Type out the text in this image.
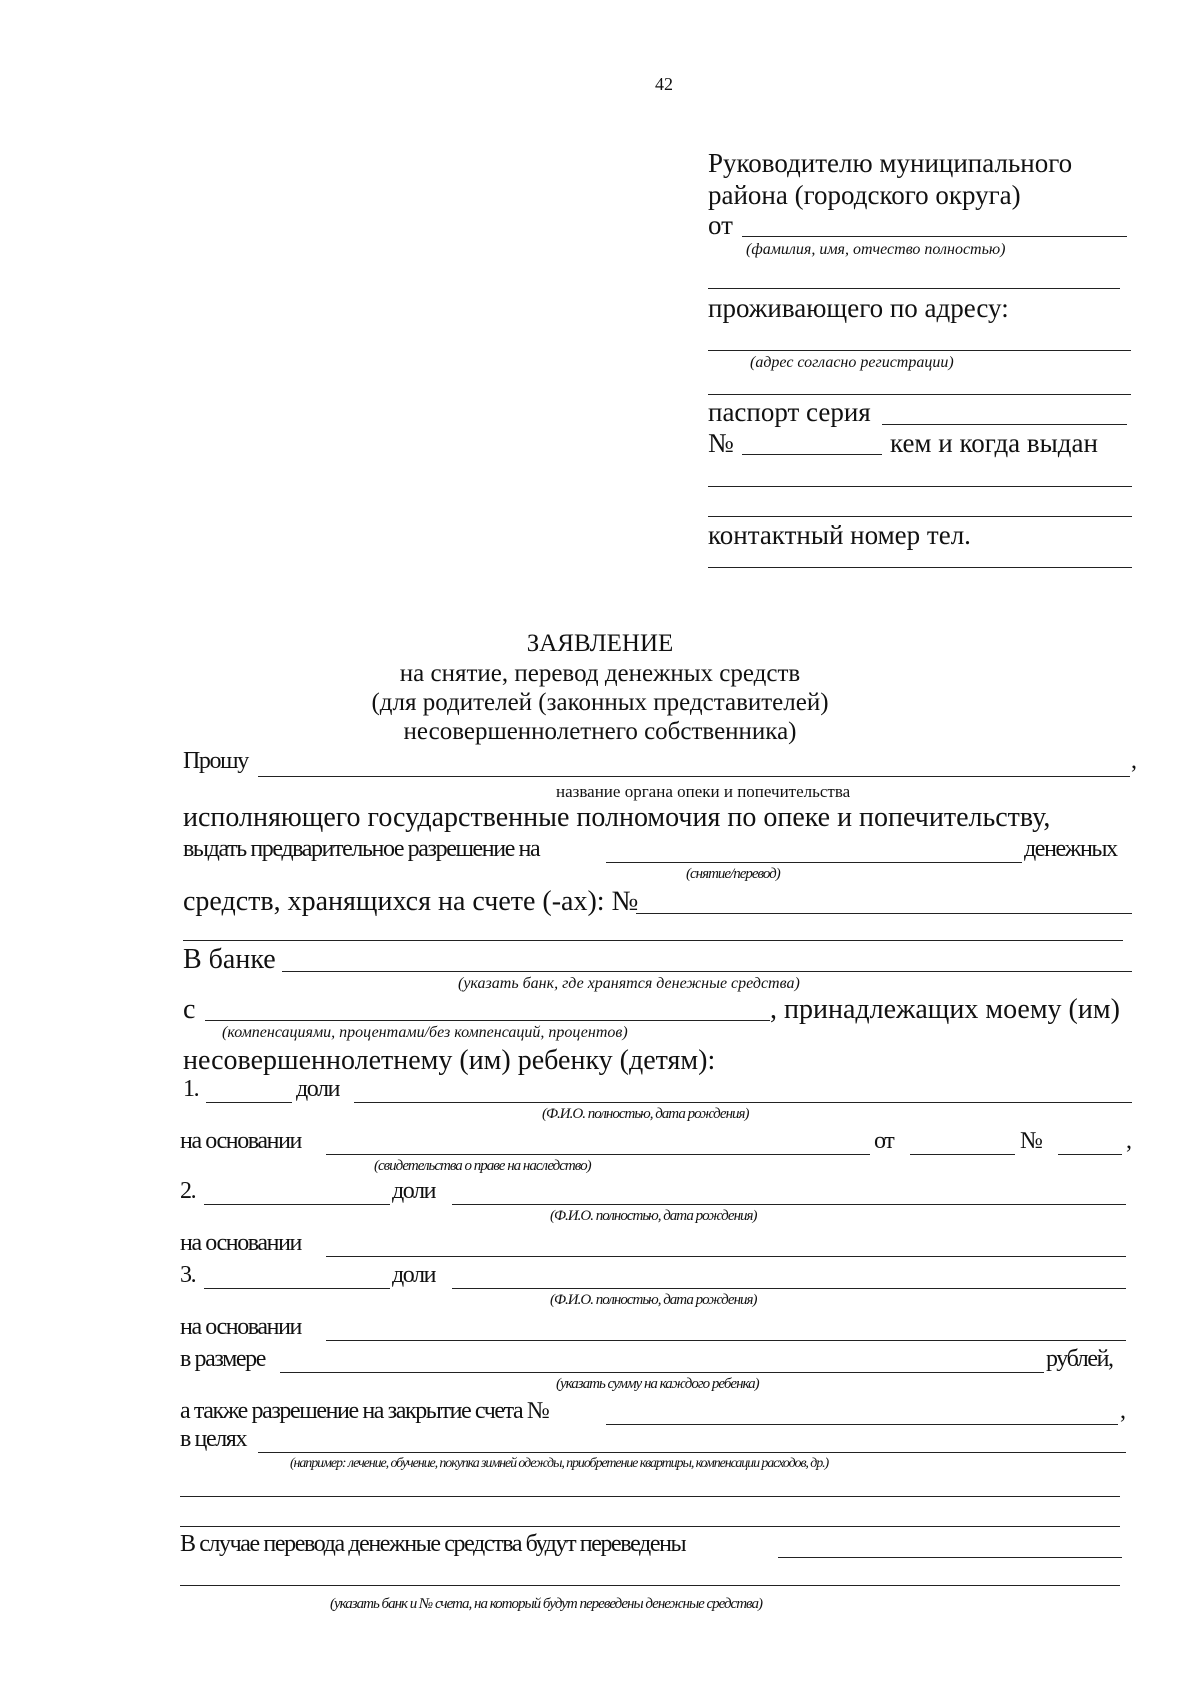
42
Руководителю муниципального
района (городского округа)
от
(фамилия, имя, отчество полностью)
проживающего по адресу:
(адрес согласно регистрации)
паспорт серия
№	кем и когда выдан
контактный номер тел.
ЗАЯВЛЕНИЕ
на снятие, перевод денежных средств
(для родителей (законных представителей)
несовершеннолетнего собственника)
Прошу	,
название органа опеки и попечительства
исполняющего государственные полномочия по опеке и попечительству,
выдать предварительное разрешение на	денежных
(снятие/перевод)
средств, хранящихся на счете (-ах): №
В банке
(указать банк, где хранятся денежные средства)
с	, принадлежащих моему (им)
(компенсациями, процентами/без компенсаций, процентов)
несовершеннолетнему (им) ребенку (детям):
1.	доли
(Ф.И.О. полностью, дата рождения)
на основании	от	№	,
(свидетельства о праве на наследство)
2.	доли
(Ф.И.О. полностью, дата рождения)
на основании
3.	доли
(Ф.И.О. полностью, дата рождения)
на основании
в размере	рублей,
(указать сумму на каждого ребенка)
а также разрешение на закрытие счета №	,
в целях
(например: лечение, обучение, покупка зимней одежды, приобретение квартиры, компенсации расходов, др.)
В случае перевода денежные средства будут переведены
(указать банк и № счета, на который будут переведены денежные средства)
